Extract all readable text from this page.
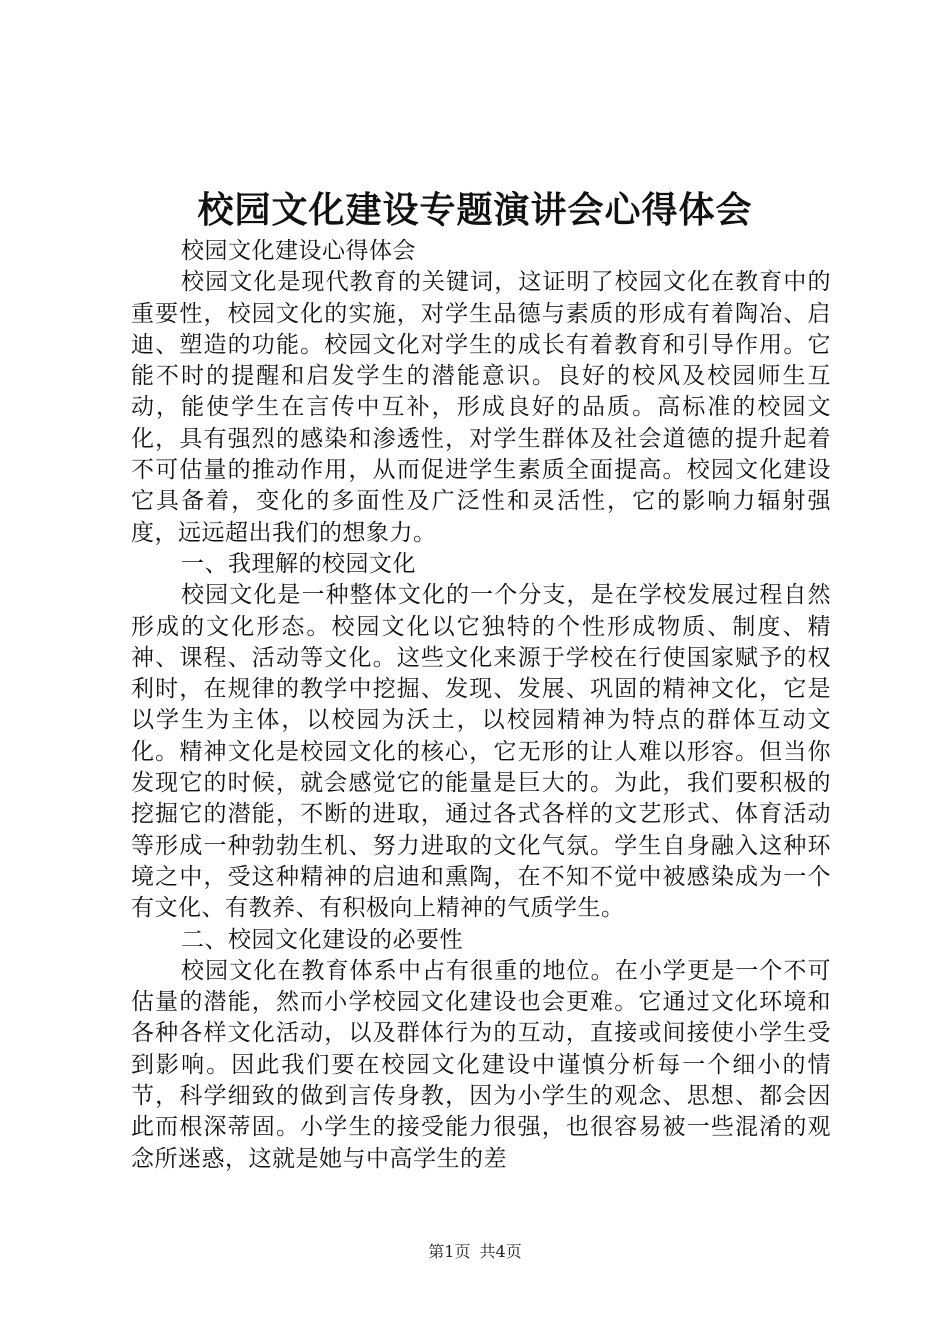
校园文化建设专题演讲会心得体会

校园文化建设心得体会

校园文化是现代教育的关键词，这证明了校园文化在教育中的重要性，校园文化的实施，对学生品德与素质的形成有着陶冶、启迪、塑造的功能。校园文化对学生的成长有着教育和引导作用。它能不时的提醒和启发学生的潜能意识。良好的校风及校园师生互动，能使学生在言传中互补，形成良好的品质。高标准的校园文化，具有强烈的感染和渗透性，对学生群体及社会道德的提升起着不可估量的推动作用，从而促进学生素质全面提高。校园文化建设它具备着，变化的多面性及广泛性和灵活性，它的影响力辐射强度，远远超出我们的想象力。

一、我理解的校园文化

校园文化是一种整体文化的一个分支，是在学校发展过程自然形成的文化形态。校园文化以它独特的个性形成物质、制度、精神、课程、活动等文化。这些文化来源于学校在行使国家赋予的权利时，在规律的教学中挖掘、发现、发展、巩固的精神文化，它是以学生为主体，以校园为沃土，以校园精神为特点的群体互动文化。精神文化是校园文化的核心，它无形的让人难以形容。但当你发现它的时候，就会感觉它的能量是巨大的。为此，我们要积极的挖掘它的潜能，不断的进取，通过各式各样的文艺形式、体育活动等形成一种勃勃生机、努力进取的文化气氛。学生自身融入这种环境之中，受这种精神的启迪和熏陶，在不知不觉中被感染成为一个有文化、有教养、有积极向上精神的气质学生。

二、校园文化建设的必要性

校园文化在教育体系中占有很重的地位。在小学更是一个不可估量的潜能，然而小学校园文化建设也会更难。它通过文化环境和各种各样文化活动，以及群体行为的互动，直接或间接使小学生受到影响。因此我们要在校园文化建设中谨慎分析每一个细小的情节，科学细致的做到言传身教，因为小学生的观念、思想、都会因此而根深蒂固。小学生的接受能力很强，也很容易被一些混淆的观念所迷惑，这就是她与中高学生的差

第1页 共4页
